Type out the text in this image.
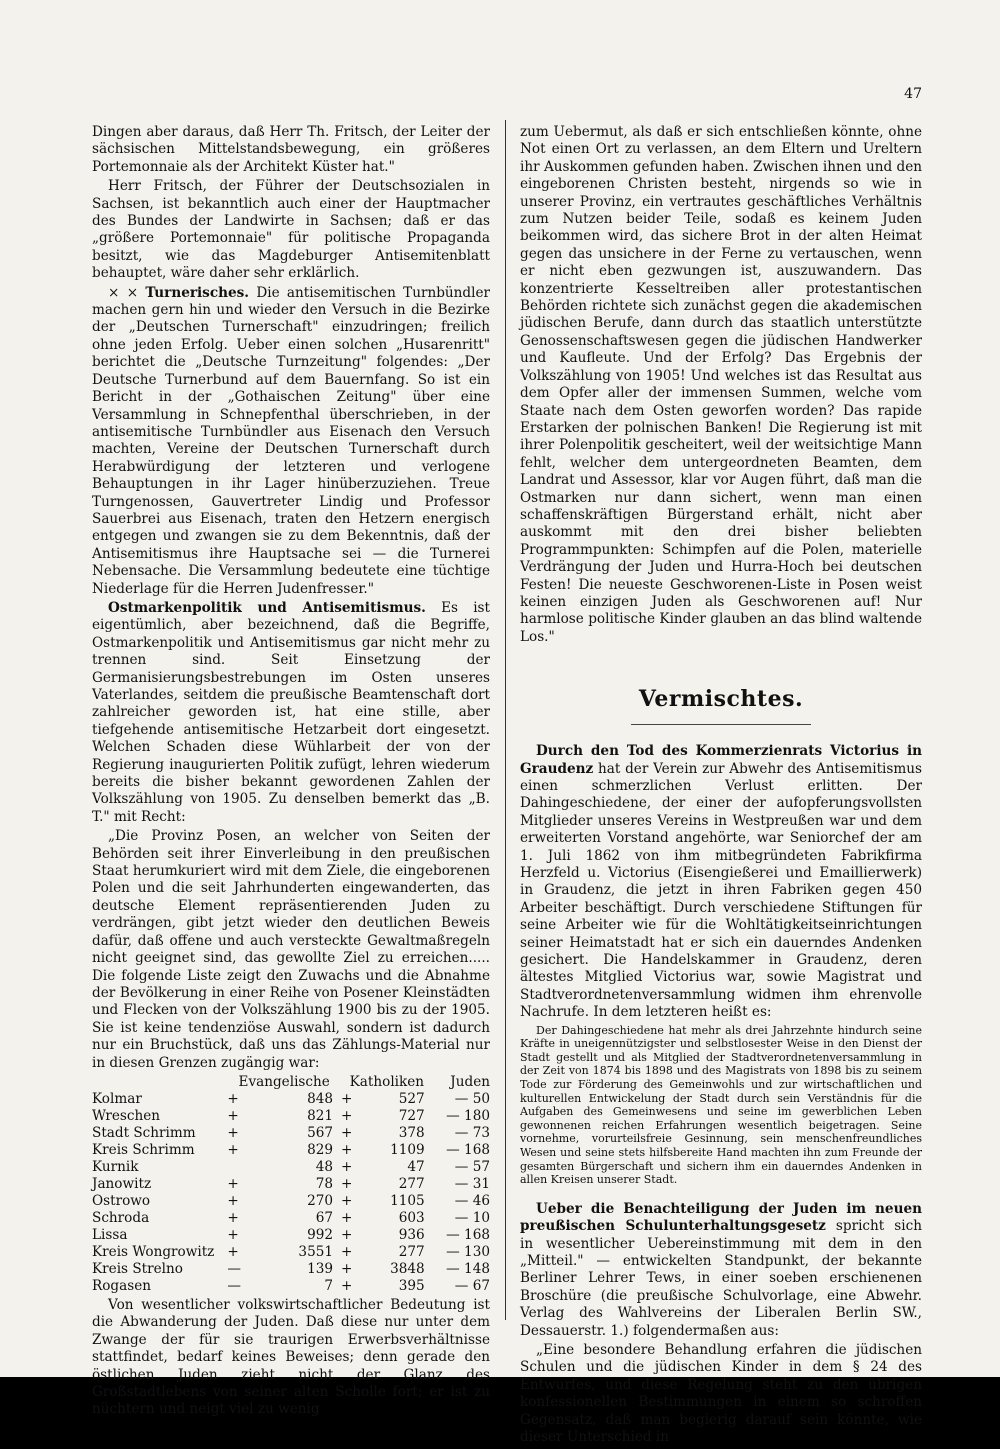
47

Dingen aber daraus, daß Herr Th. Fritsch, der Leiter der sächsischen Mittelstandsbewegung, ein größeres Portemonnaie als der Architekt Küster hat."

Herr Fritsch, der Führer der Deutschsozialen in Sachsen, ist bekanntlich auch einer der Hauptmacher des Bundes der Landwirte in Sachsen; daß er das „größere Portemonnaie" für politische Propaganda besitzt, wie das Magdeburger Antisemitenblatt behauptet, wäre daher sehr erklärlich.

× × Turnerisches. Die antisemitischen Turnbündler machen gern hin und wieder den Versuch in die Bezirke der „Deutschen Turnerschaft" einzudringen; freilich ohne jeden Erfolg. Ueber einen solchen „Husarenritt" berichtet die „Deutsche Turnzeitung" folgendes: „Der Deutsche Turnerbund auf dem Bauernfang. So ist ein Bericht in der „Gothaischen Zeitung" über eine Versammlung in Schnepfenthal überschrieben, in der antisemitische Turnbündler aus Eisenach den Versuch machten, Vereine der Deutschen Turnerschaft durch Herabwürdigung der letzteren und verlogene Behauptungen in ihr Lager hinüberzuziehen. Treue Turngenossen, Gauvertreter Lindig und Professor Sauerbrei aus Eisenach, traten den Hetzern energisch entgegen und zwangen sie zu dem Bekenntnis, daß der Antisemitismus ihre Hauptsache sei — die Turnerei Nebensache. Die Versammlung bedeutete eine tüchtige Niederlage für die Herren Judenfresser."

Ostmarkenpolitik und Antisemitismus. Es ist eigentümlich, aber bezeichnend, daß die Begriffe, Ostmarkenpolitik und Antisemitismus gar nicht mehr zu trennen sind. Seit Einsetzung der Germanisierungsbestrebungen im Osten unseres Vaterlandes, seitdem die preußische Beamtenschaft dort zahlreicher geworden ist, hat eine stille, aber tiefgehende antisemitische Hetzarbeit dort eingesetzt. Welchen Schaden diese Wühlarbeit der von der Regierung inaugurierten Politik zufügt, lehren wiederum bereits die bisher bekannt gewordenen Zahlen der Volkszählung von 1905. Zu denselben bemerkt das „B. T." mit Recht:

„Die Provinz Posen, an welcher von Seiten der Behörden seit ihrer Einverleibung in den preußischen Staat herumkuriert wird mit dem Ziele, die eingeborenen Polen und die seit Jahrhunderten eingewanderten, das deutsche Element repräsentierenden Juden zu verdrängen, gibt jetzt wieder den deutlichen Beweis dafür, daß offene und auch versteckte Gewaltmaßregeln nicht geeignet sind, das gewollte Ziel zu erreichen..... Die folgende Liste zeigt den Zuwachs und die Abnahme der Bevölkerung in einer Reihe von Posener Kleinstädten und Flecken von der Volkszählung 1900 bis zu der 1905. Sie ist keine tendenziöse Auswahl, sondern ist dadurch nur ein Bruchstück, daß uns das Zählungs-Material nur in diesen Grenzen zugängig war:

	Evangelische		Katholiken		Juden
Kolmar	+	848	+	527	— 50
Wreschen	+	821	+	727	— 180
Stadt Schrimm	+	567	+	378	— 73
Kreis Schrimm	+	829	+	1109	— 168
Kurnik		48	+	47	— 57
Janowitz	+	78	+	277	— 31
Ostrowo	+	270	+	1105	— 46
Schroda	+	67	+	603	— 10
Lissa	+	992	+	936	— 168
Kreis Wongrowitz	+	3551	+	277	— 130
Kreis Strelno	—	139	+	3848	— 148
Rogasen	—	7	+	395	— 67

Von wesentlicher volkswirtschaftlicher Bedeutung ist die Abwanderung der Juden. Daß diese nur unter dem Zwange der für sie traurigen Erwerbsverhältnisse stattfindet, bedarf keines Beweises; denn gerade den östlichen Juden zieht nicht der Glanz des Großstadtlebens von seiner alten Scholle fort; er ist zu nüchtern und neigt viel zu wenig

zum Uebermut, als daß er sich entschließen könnte, ohne Not einen Ort zu verlassen, an dem Eltern und Ureltern ihr Auskommen gefunden haben. Zwischen ihnen und den eingeborenen Christen besteht, nirgends so wie in unserer Provinz, ein vertrautes geschäftliches Verhältnis zum Nutzen beider Teile, sodaß es keinem Juden beikommen wird, das sichere Brot in der alten Heimat gegen das unsichere in der Ferne zu vertauschen, wenn er nicht eben gezwungen ist, auszuwandern. Das konzentrierte Kesseltreiben aller protestantischen Behörden richtete sich zunächst gegen die akademischen jüdischen Berufe, dann durch das staatlich unterstützte Genossenschaftswesen gegen die jüdischen Handwerker und Kaufleute. Und der Erfolg? Das Ergebnis der Volkszählung von 1905! Und welches ist das Resultat aus dem Opfer aller der immensen Summen, welche vom Staate nach dem Osten geworfen worden? Das rapide Erstarken der polnischen Banken! Die Regierung ist mit ihrer Polenpolitik gescheitert, weil der weitsichtige Mann fehlt, welcher dem untergeordneten Beamten, dem Landrat und Assessor, klar vor Augen führt, daß man die Ostmarken nur dann sichert, wenn man einen schaffenskräftigen Bürgerstand erhält, nicht aber auskommt mit den drei bisher beliebten Programmpunkten: Schimpfen auf die Polen, materielle Verdrängung der Juden und Hurra-Hoch bei deutschen Festen! Die neueste Geschworenen-Liste in Posen weist keinen einzigen Juden als Geschworenen auf! Nur harmlose politische Kinder glauben an das blind waltende Los."

Vermischtes.

Durch den Tod des Kommerzienrats Victorius in Graudenz hat der Verein zur Abwehr des Antisemitismus einen schmerzlichen Verlust erlitten. Der Dahingeschiedene, der einer der aufopferungsvollsten Mitglieder unseres Vereins in Westpreußen war und dem erweiterten Vorstand angehörte, war Seniorchef der am 1. Juli 1862 von ihm mitbegründeten Fabrikfirma Herzfeld u. Victorius (Eisengießerei und Emaillierwerk) in Graudenz, die jetzt in ihren Fabriken gegen 450 Arbeiter beschäftigt. Durch verschiedene Stiftungen für seine Arbeiter wie für die Wohltätigkeitseinrichtungen seiner Heimatstadt hat er sich ein dauerndes Andenken gesichert. Die Handelskammer in Graudenz, deren ältestes Mitglied Victorius war, sowie Magistrat und Stadtverordnetenversammlung widmen ihm ehrenvolle Nachrufe. In dem letzteren heißt es:

Der Dahingeschiedene hat mehr als drei Jahrzehnte hindurch seine Kräfte in uneigennützigster und selbstlosester Weise in den Dienst der Stadt gestellt und als Mitglied der Stadtverordnetenversammlung in der Zeit von 1874 bis 1898 und des Magistrats von 1898 bis zu seinem Tode zur Förderung des Gemeinwohls und zur wirtschaftlichen und kulturellen Entwickelung der Stadt durch sein Verständnis für die Aufgaben des Gemeinwesens und seine im gewerblichen Leben gewonnenen reichen Erfahrungen wesentlich beigetragen. Seine vornehme, vorurteilsfreie Gesinnung, sein menschenfreundliches Wesen und seine stets hilfsbereite Hand machten ihn zum Freunde der gesamten Bürgerschaft und sichern ihm ein dauerndes Andenken in allen Kreisen unserer Stadt.

Ueber die Benachteiligung der Juden im neuen preußischen Schulunterhaltungsgesetz spricht sich in wesentlicher Uebereinstimmung mit dem in den „Mitteil." — entwickelten Standpunkt, der bekannte Berliner Lehrer Tews, in einer soeben erschienenen Broschüre (die preußische Schulvorlage, eine Abwehr. Verlag des Wahlvereins der Liberalen Berlin SW., Dessauerstr. 1.) folgendermaßen aus:

„Eine besondere Behandlung erfahren die jüdischen Schulen und die jüdischen Kinder in dem § 24 des Entwurfes, und diese Regelung steht zu den übrigen konfessionellen Bestimmungen in einem so schroffen Gegensatz, daß man begierig darauf sein könnte, wie dieser Unterschied in
